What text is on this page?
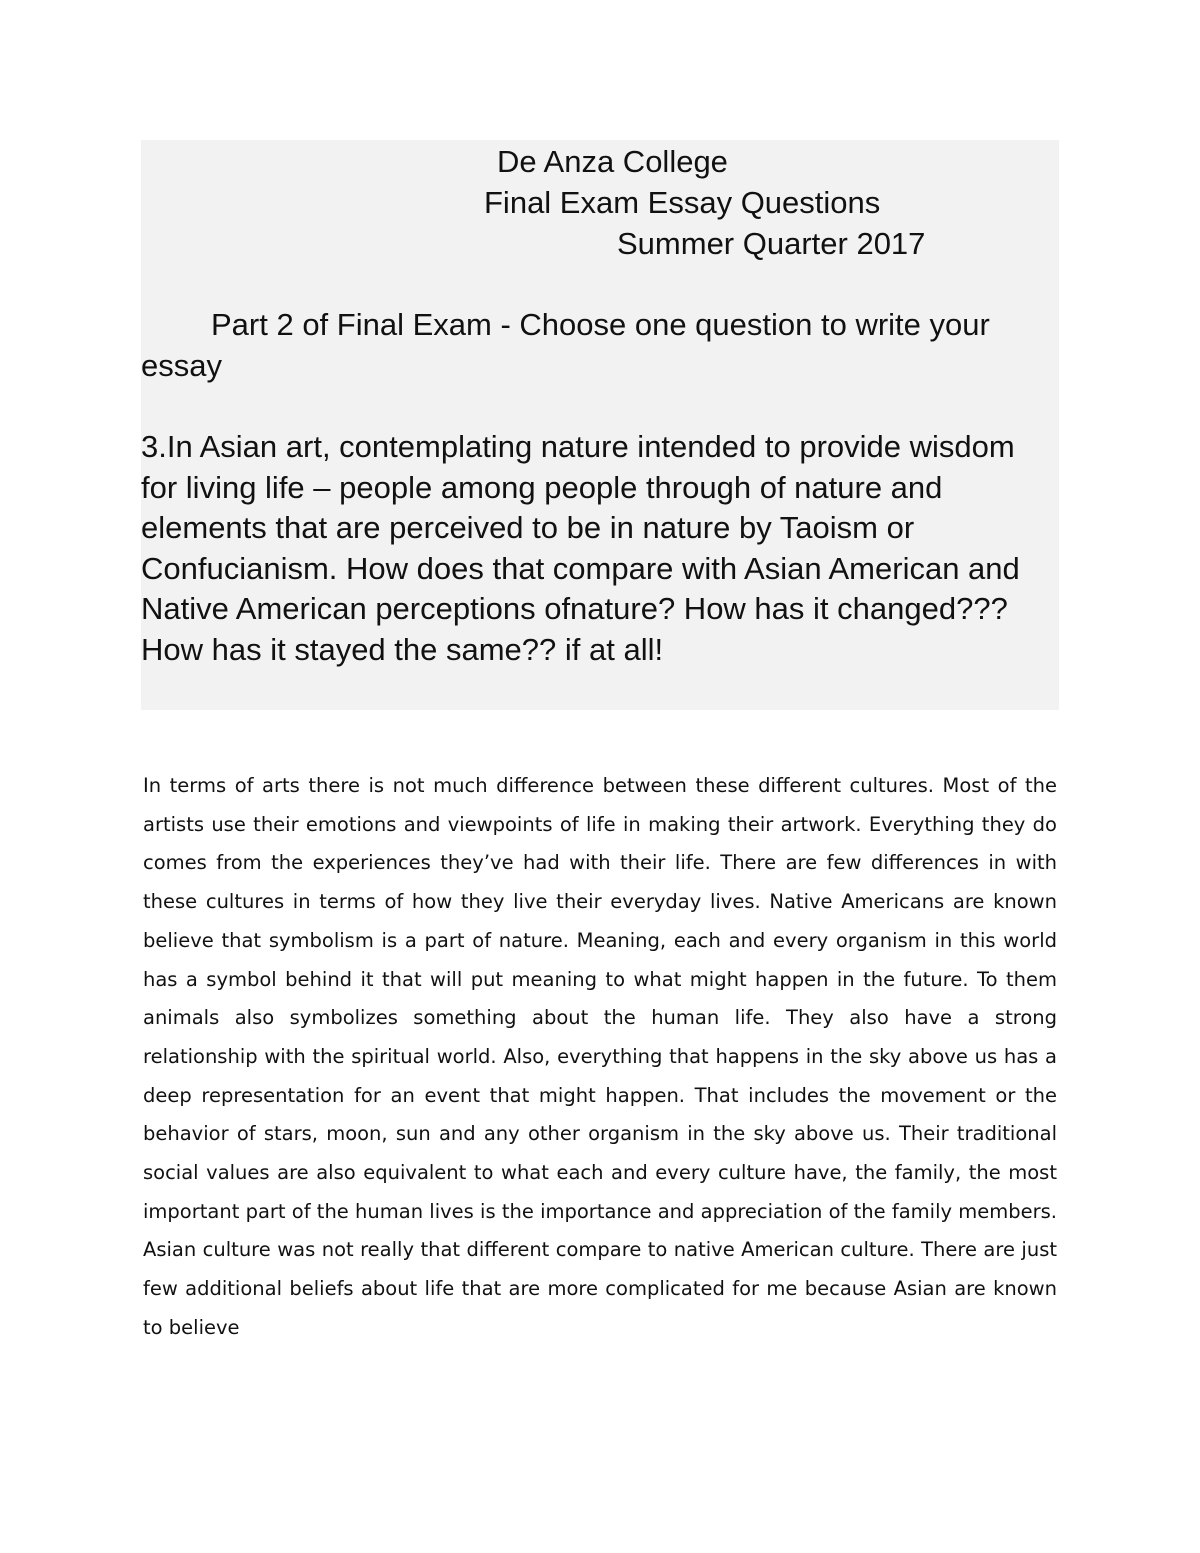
De Anza College
Final Exam Essay Questions
Summer Quarter 2017
Part 2 of Final Exam - Choose one question to write your essay
3.In Asian art, contemplating nature intended to provide wisdom for living life – people among people through of nature and elements that are perceived to be in nature by Taoism or Confucianism. How does that compare with Asian American and Native American perceptions ofnature? How has it changed??? How has it stayed the same?? if at all!

In terms of arts there is not much difference between these different cultures. Most of the artists use their emotions and viewpoints of life in making their artwork. Everything they do comes from the experiences they’ve had with their life. There are few differences in with these cultures in terms of how they live their everyday lives. Native Americans are known believe that symbolism is a part of nature. Meaning, each and every organism in this world has a symbol behind it that will put meaning to what might happen in the future. To them animals also symbolizes something about the human life. They also have a strong relationship with the spiritual world. Also, everything that happens in the sky above us has a deep representation for an event that might happen. That includes the movement or the behavior of stars, moon, sun and any other organism in the sky above us. Their traditional social values are also equivalent to what each and every culture have, the family, the most important part of the human lives is the importance and appreciation of the family members. Asian culture was not really that different compare to native American culture. There are just few additional beliefs about life that are more complicated for me because Asian are known to believe
